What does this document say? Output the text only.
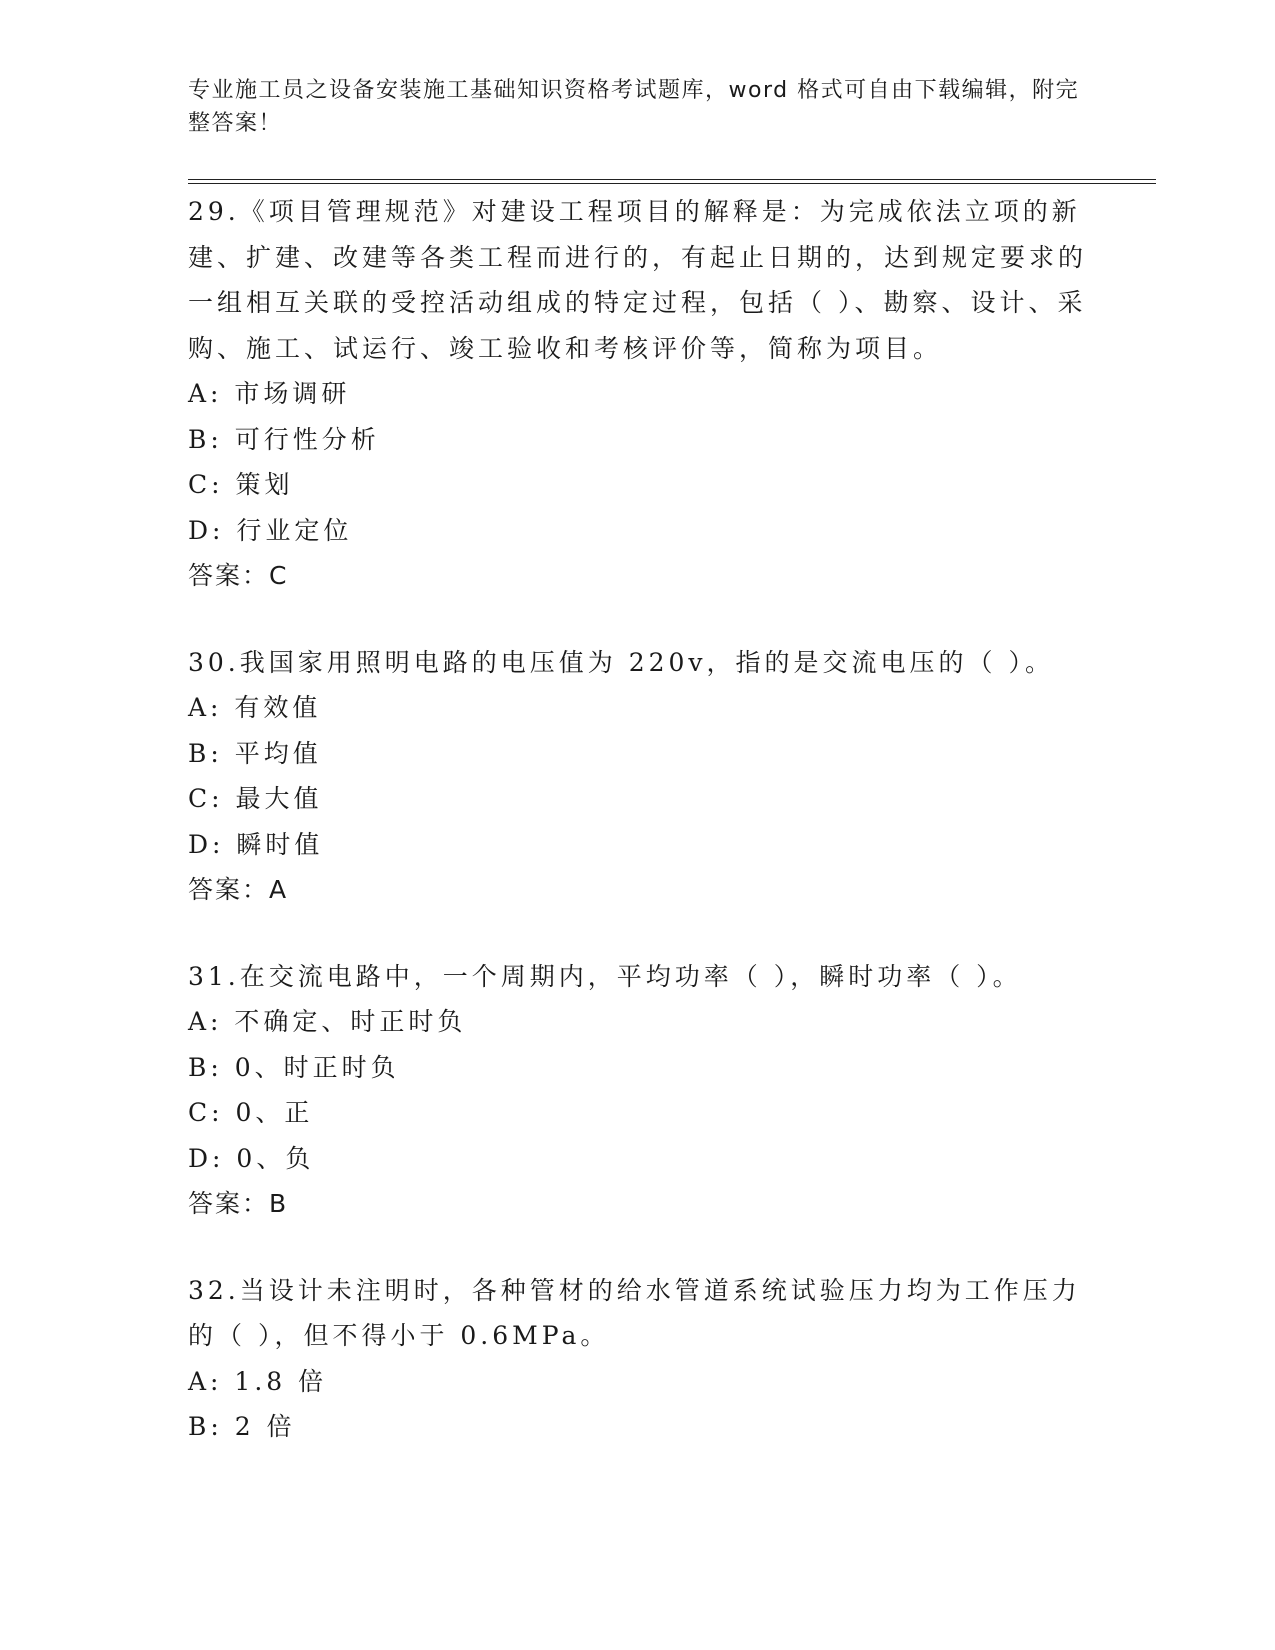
专业施工员之设备安装施工基础知识资格考试题库，word 格式可自由下载编辑，附完整答案！

29.《项目管理规范》对建设工程项目的解释是：为完成依法立项的新建、扩建、改建等各类工程而进行的，有起止日期的，达到规定要求的一组相互关联的受控活动组成的特定过程，包括（ ）、勘察、设计、采购、施工、试运行、竣工验收和考核评价等，简称为项目。

A: 市场调研

B: 可行性分析

C: 策划

D: 行业定位

答案：C

30.我国家用照明电路的电压值为 220v，指的是交流电压的（ ）。

A: 有效值

B: 平均值

C: 最大值

D: 瞬时值

答案：A

31.在交流电路中，一个周期内，平均功率（ ），瞬时功率（ ）。

A: 不确定、时正时负

B: 0、时正时负

C: 0、正

D: 0、负

答案：B

32.当设计未注明时，各种管材的给水管道系统试验压力均为工作压力的（ ），但不得小于 0.6MPa。

A: 1.8 倍

B: 2 倍
